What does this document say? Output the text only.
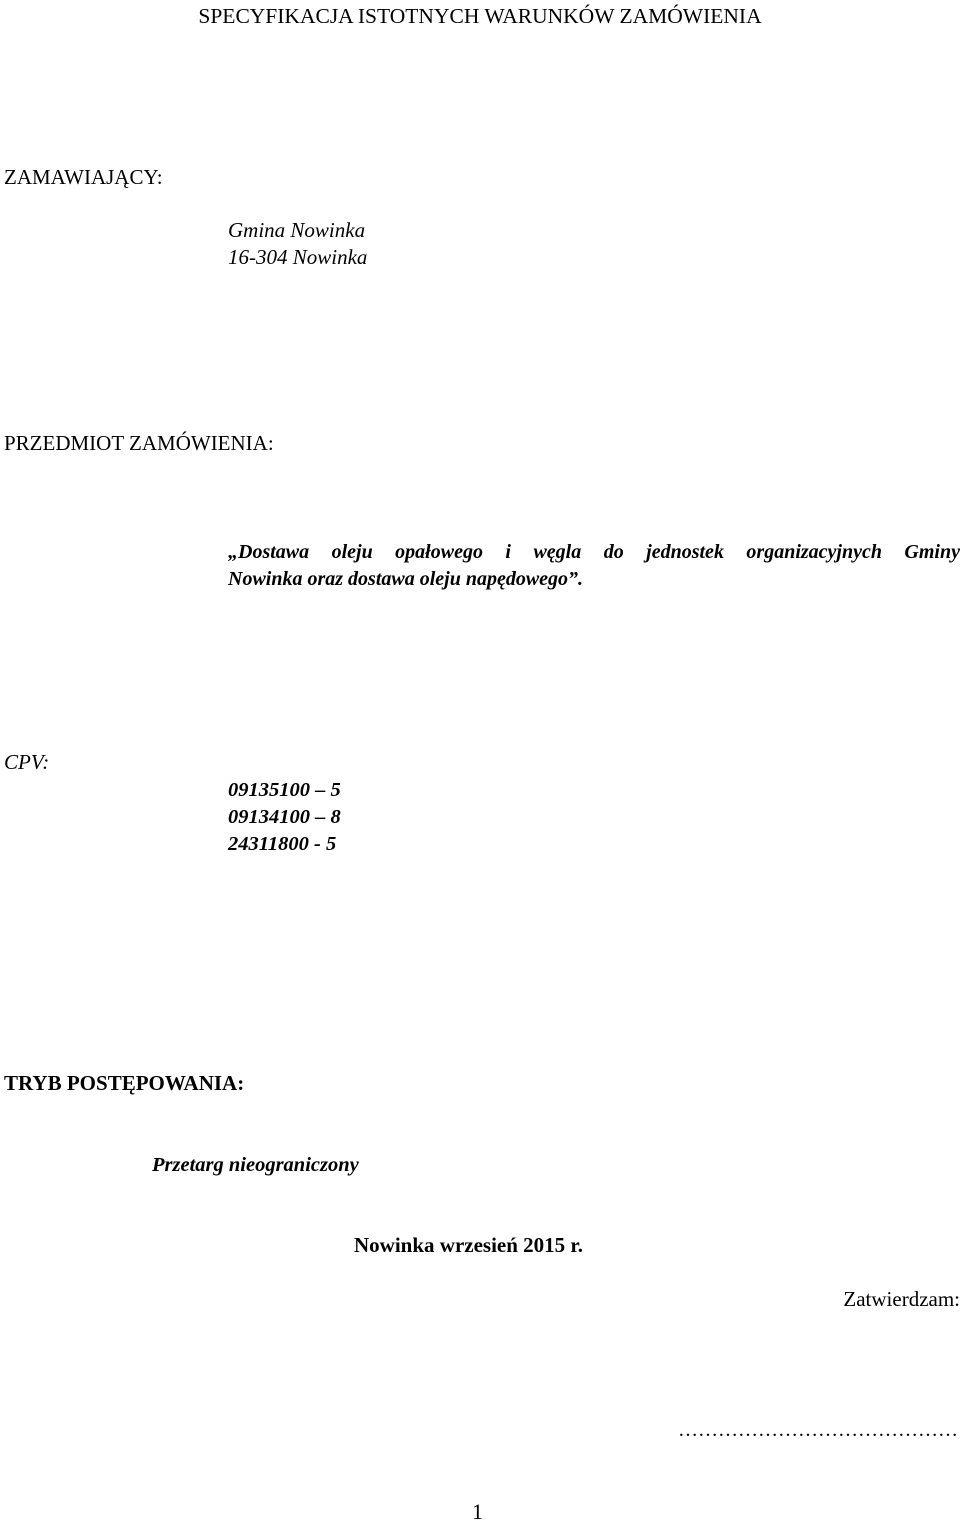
SPECYFIKACJA ISTOTNYCH WARUNKÓW ZAMÓWIENIA
ZAMAWIAJĄCY:
Gmina Nowinka
16-304 Nowinka
PRZEDMIOT ZAMÓWIENIA:
„Dostawa oleju opałowego i węgla do jednostek organizacyjnych Gminy
Nowinka oraz dostawa oleju napędowego”.
CPV:
09135100 – 5
09134100 – 8
24311800 - 5
TRYB POSTĘPOWANIA:
Przetarg nieograniczony
Nowinka wrzesień 2015 r.
Zatwierdzam:
……………………………………
1
